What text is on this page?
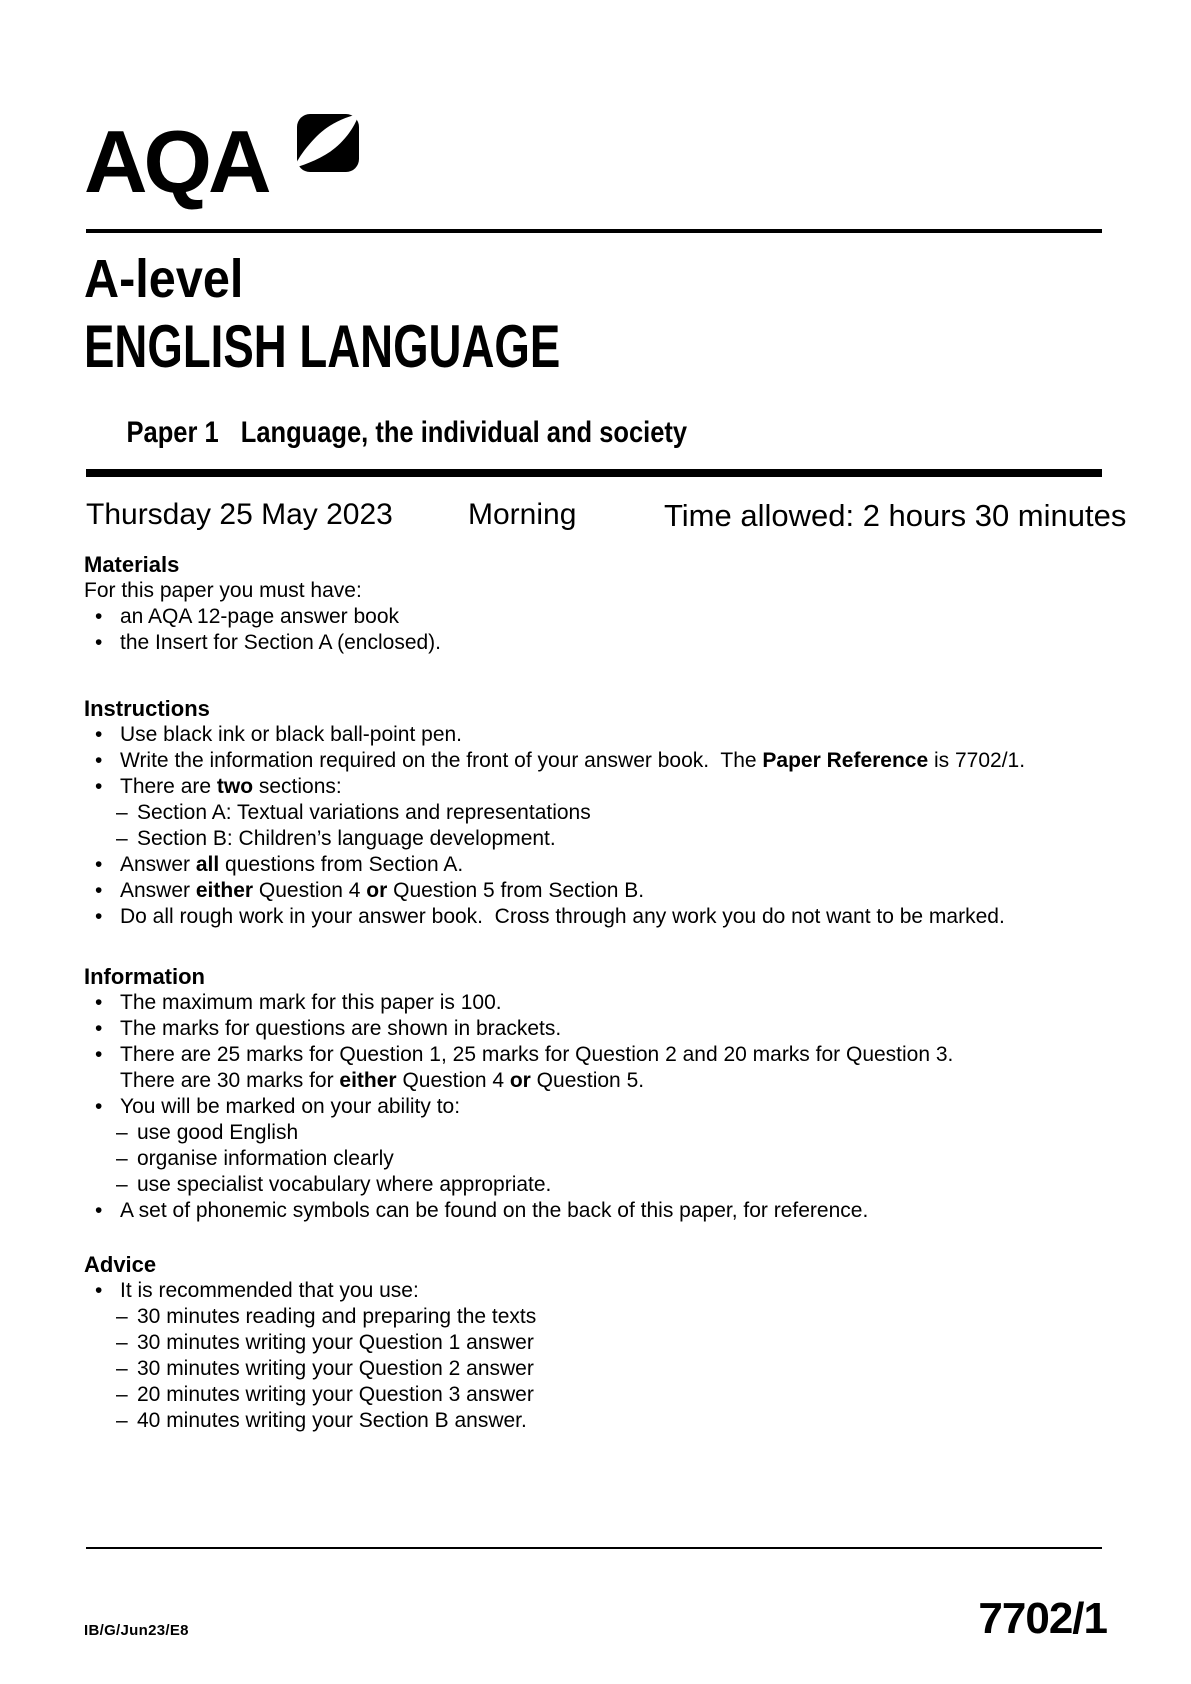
AQA
A-level
ENGLISH LANGUAGE

Paper 1 Language, the individual and society

Thursday 25 May 2023	Morning	Time allowed: 2 hours 30 minutes
Materials
For this paper you must have:
• an AQA 12-page answer book
• the Insert for Section A (enclosed).
Instructions
• Use black ink or black ball-point pen.
• Write the information required on the front of your answer book.  The Paper Reference is 7702/1.
• There are two sections:
– Section A: Textual variations and representations
– Section B: Children’s language development.
• Answer all questions from Section A.
• Answer either Question 4 or Question 5 from Section B.
• Do all rough work in your answer book.  Cross through any work you do not want to be marked.
Information
• The maximum mark for this paper is 100.
• The marks for questions are shown in brackets.
• There are 25 marks for Question 1, 25 marks for Question 2 and 20 marks for Question 3.
There are 30 marks for either Question 4 or Question 5.
• You will be marked on your ability to:
– use good English
– organise information clearly
– use specialist vocabulary where appropriate.
• A set of phonemic symbols can be found on the back of this paper, for reference.
Advice
• It is recommended that you use:
– 30 minutes reading and preparing the texts
– 30 minutes writing your Question 1 answer
– 30 minutes writing your Question 2 answer
– 20 minutes writing your Question 3 answer
– 40 minutes writing your Section B answer.
IB/G/Jun23/E8	7702/1
